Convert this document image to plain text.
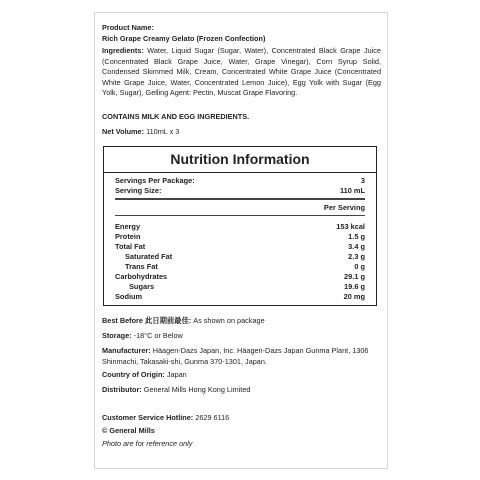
Product Name:
Rich Grape Creamy Gelato (Frozen Confection)

Ingredients: Water, Liquid Sugar (Sugar, Water), Concentrated Black Grape Juice (Concentrated Black Grape Juice, Water, Grape Vinegar), Corn Syrup Solid, Condensed Skimmed Milk, Cream, Concentrated White Grape Juice (Concentrated White Grape Juice, Water, Concentrated Lemon Juice), Egg Yolk with Sugar (Egg Yolk, Sugar), Gelling Agent: Pectin, Muscat Grape Flavoring.

CONTAINS MILK AND EGG INGREDIENTS.

Net Volume: 110mL x 3

Nutrition Information
Servings Per Package:	3
Serving Size:	110 mL
Per Serving
Energy	153 kcal
Protein	1.5 g
Total Fat	3.4 g
Saturated Fat	2.3 g
Trans Fat	0 g
Carbohydrates	29.1 g
Sugars	19.6 g
Sodium	20 mg

Best Before 此日期前最佳: As shown on package

Storage: -18°C or Below

Manufacturer: Häagen-Dazs Japan, Inc. Häagen-Dazs Japan Gunma Plant, 1306 Shinmachi, Takasaki-shi, Gunma 370-1301, Japan.

Country of Origin: Japan

Distributor: General Mills Hong Kong Limited

Customer Service Hotline: 2629 6116

© General Mills

Photo are for reference only
